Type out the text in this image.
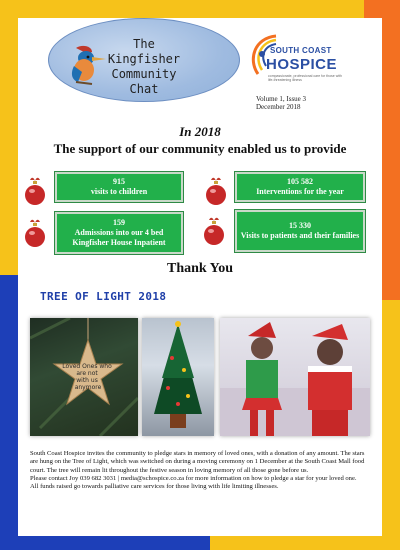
The
Kingfisher
Community
Chat
SOUTH COAST
HOSPICE
compassionate, professional care for those with life-threatening illness
Volume 1, Issue 3
December 2018
In 2018
The support of our community enabled us to provide
915
visits to children
105 582
Interventions for the year
159
Admissions into our 4 bed Kingfisher House Inpatient
15 330
Visits to patients and their families
Thank You
TREE OF LIGHT 2018
Loved Ones who are not with us anymore

South Coast Hospice invites the community to pledge stars in memory of loved ones, with a donation of any amount. The stars are hung on the Tree of Light, which was switched on during a moving ceremony on 1 December at the South Coast Mall food court. The tree will remain lit throughout the festive season in loving memory of all those gone before us.

Please contact Joy 039 682 3031 | media@schospice.co.za for more information on how to pledge a star for your loved one.

All funds raised go towards palliative care services for those living with life limiting illnesses.
